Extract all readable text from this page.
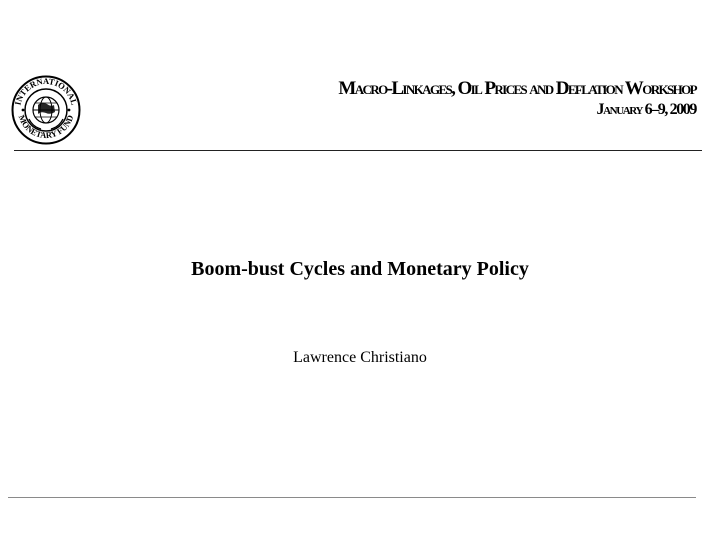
INTERNATIONAL
MONETARY FUND
Macro-Linkages, Oil Prices and Deflation Workshop
January 6–9, 2009
Boom-bust Cycles and Monetary Policy
Lawrence Christiano
